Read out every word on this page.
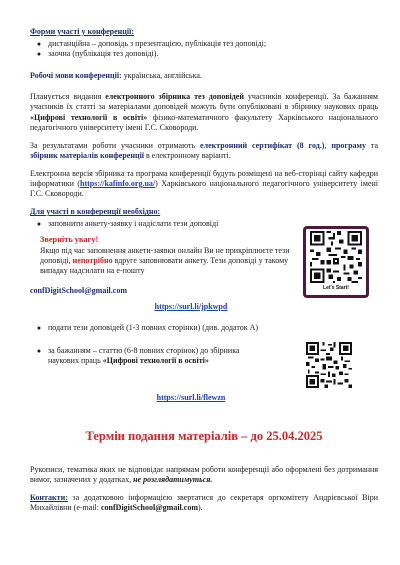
Форми участі у конференції:

● дистанційна – доповідь з презентацією, публікація тез доповіді;
● заочна (публікація тез доповіді).

Робочі мови конференції: українська, англійська.

Планується видання електронного збірника тез доповідей учасників конференції. За бажанням учасників їх статті за матеріалами доповідей можуть бути опубліковані в збірнику наукових праць «Цифрові технології в освіті» фізико-математичного факультету Харківського національного педагогічного університету імені Г.С. Сковороди.

За результатами роботи учасники отримають електронний сертифікат (8 год.), програму та збірник матеріалів конференції в електронному варіанті.

Електронна версія збірника та програма конференції будуть розміщені на веб-сторінці сайту кафедри інформатики (https://kafinfo.org.ua/) Харківського національного педагогічного університету імені Г.С. Сковороди.

Для участі в конференції необхідно:

● заповнити анкету-заявку і надіслати тези доповіді

Зверніть увагу!

Якщо під час заповнення анкети-заявки онлайн Ви не прикріплюєте тези доповіді, непотрібно вдруге заповнювати анкету. Тези доповіді у такому випадку надсилати на e-пошту

confDigitSchool@gmail.com

https://surl.li/jpkwpd

● подати тези доповідей (1-3 повних сторінки) (див. додаток А)
● за бажанням – статтю (6-8 повних сторінок) до збірника наукових праць «Цифрові технології в освіті»

https://surl.li/flewzn

Термін подання матеріалів – до 25.04.2025

Рукописи, тематика яких не відповідає напрямам роботи конференції або оформлені без дотримання вимог, зазначених у додатках, не розглядатимуться.

Контакти: за додатковою інформацією звертатися до секретаря оргкомітету Андрієвської Віри Михайлівни (e-mail: confDigitSchool@gmail.com).

Let's Start!
